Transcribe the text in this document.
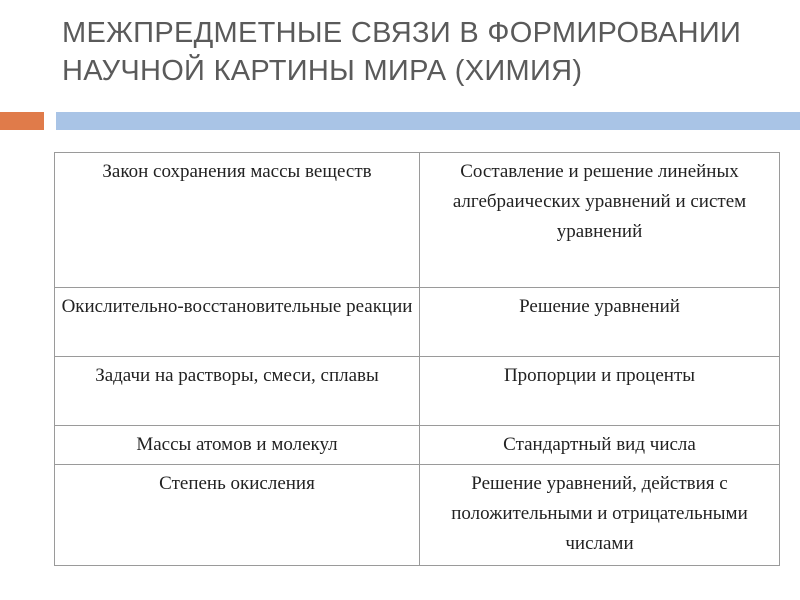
МЕЖПРЕДМЕТНЫЕ СВЯЗИ В ФОРМИРОВАНИИ НАУЧНОЙ КАРТИНЫ МИРА (ХИМИЯ)
Закон сохранения массы веществ	Составление и решение линейных алгебраических уравнений и систем уравнений
Окислительно-восстановительные реакции	Решение уравнений
Задачи на растворы, смеси, сплавы	Пропорции и проценты
Массы атомов и молекул	Стандартный вид числа
Степень окисления	Решение уравнений, действия с положительными и отрицательными числами
